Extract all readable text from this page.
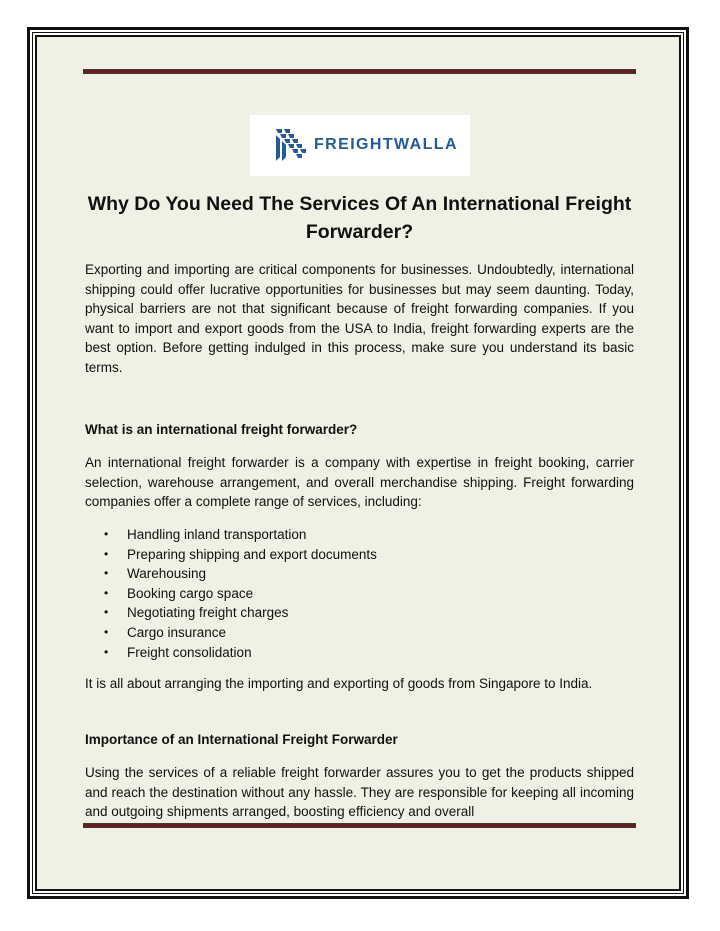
FREIGHTWALLA
Why Do You Need The Services Of An International Freight Forwarder?

Exporting and importing are critical components for businesses. Undoubtedly, international shipping could offer lucrative opportunities for businesses but may seem daunting. Today, physical barriers are not that significant because of freight forwarding companies. If you want to import and export goods from the USA to India, freight forwarding experts are the best option. Before getting indulged in this process, make sure you understand its basic terms.

What is an international freight forwarder?

An international freight forwarder is a company with expertise in freight booking, carrier selection, warehouse arrangement, and overall merchandise shipping. Freight forwarding companies offer a complete range of services, including:

• Handling inland transportation
• Preparing shipping and export documents
• Warehousing
• Booking cargo space
• Negotiating freight charges
• Cargo insurance
• Freight consolidation

It is all about arranging the importing and exporting of goods from Singapore to India.

Importance of an International Freight Forwarder

Using the services of a reliable freight forwarder assures you to get the products shipped and reach the destination without any hassle. They are responsible for keeping all incoming and outgoing shipments arranged, boosting efficiency and overall
